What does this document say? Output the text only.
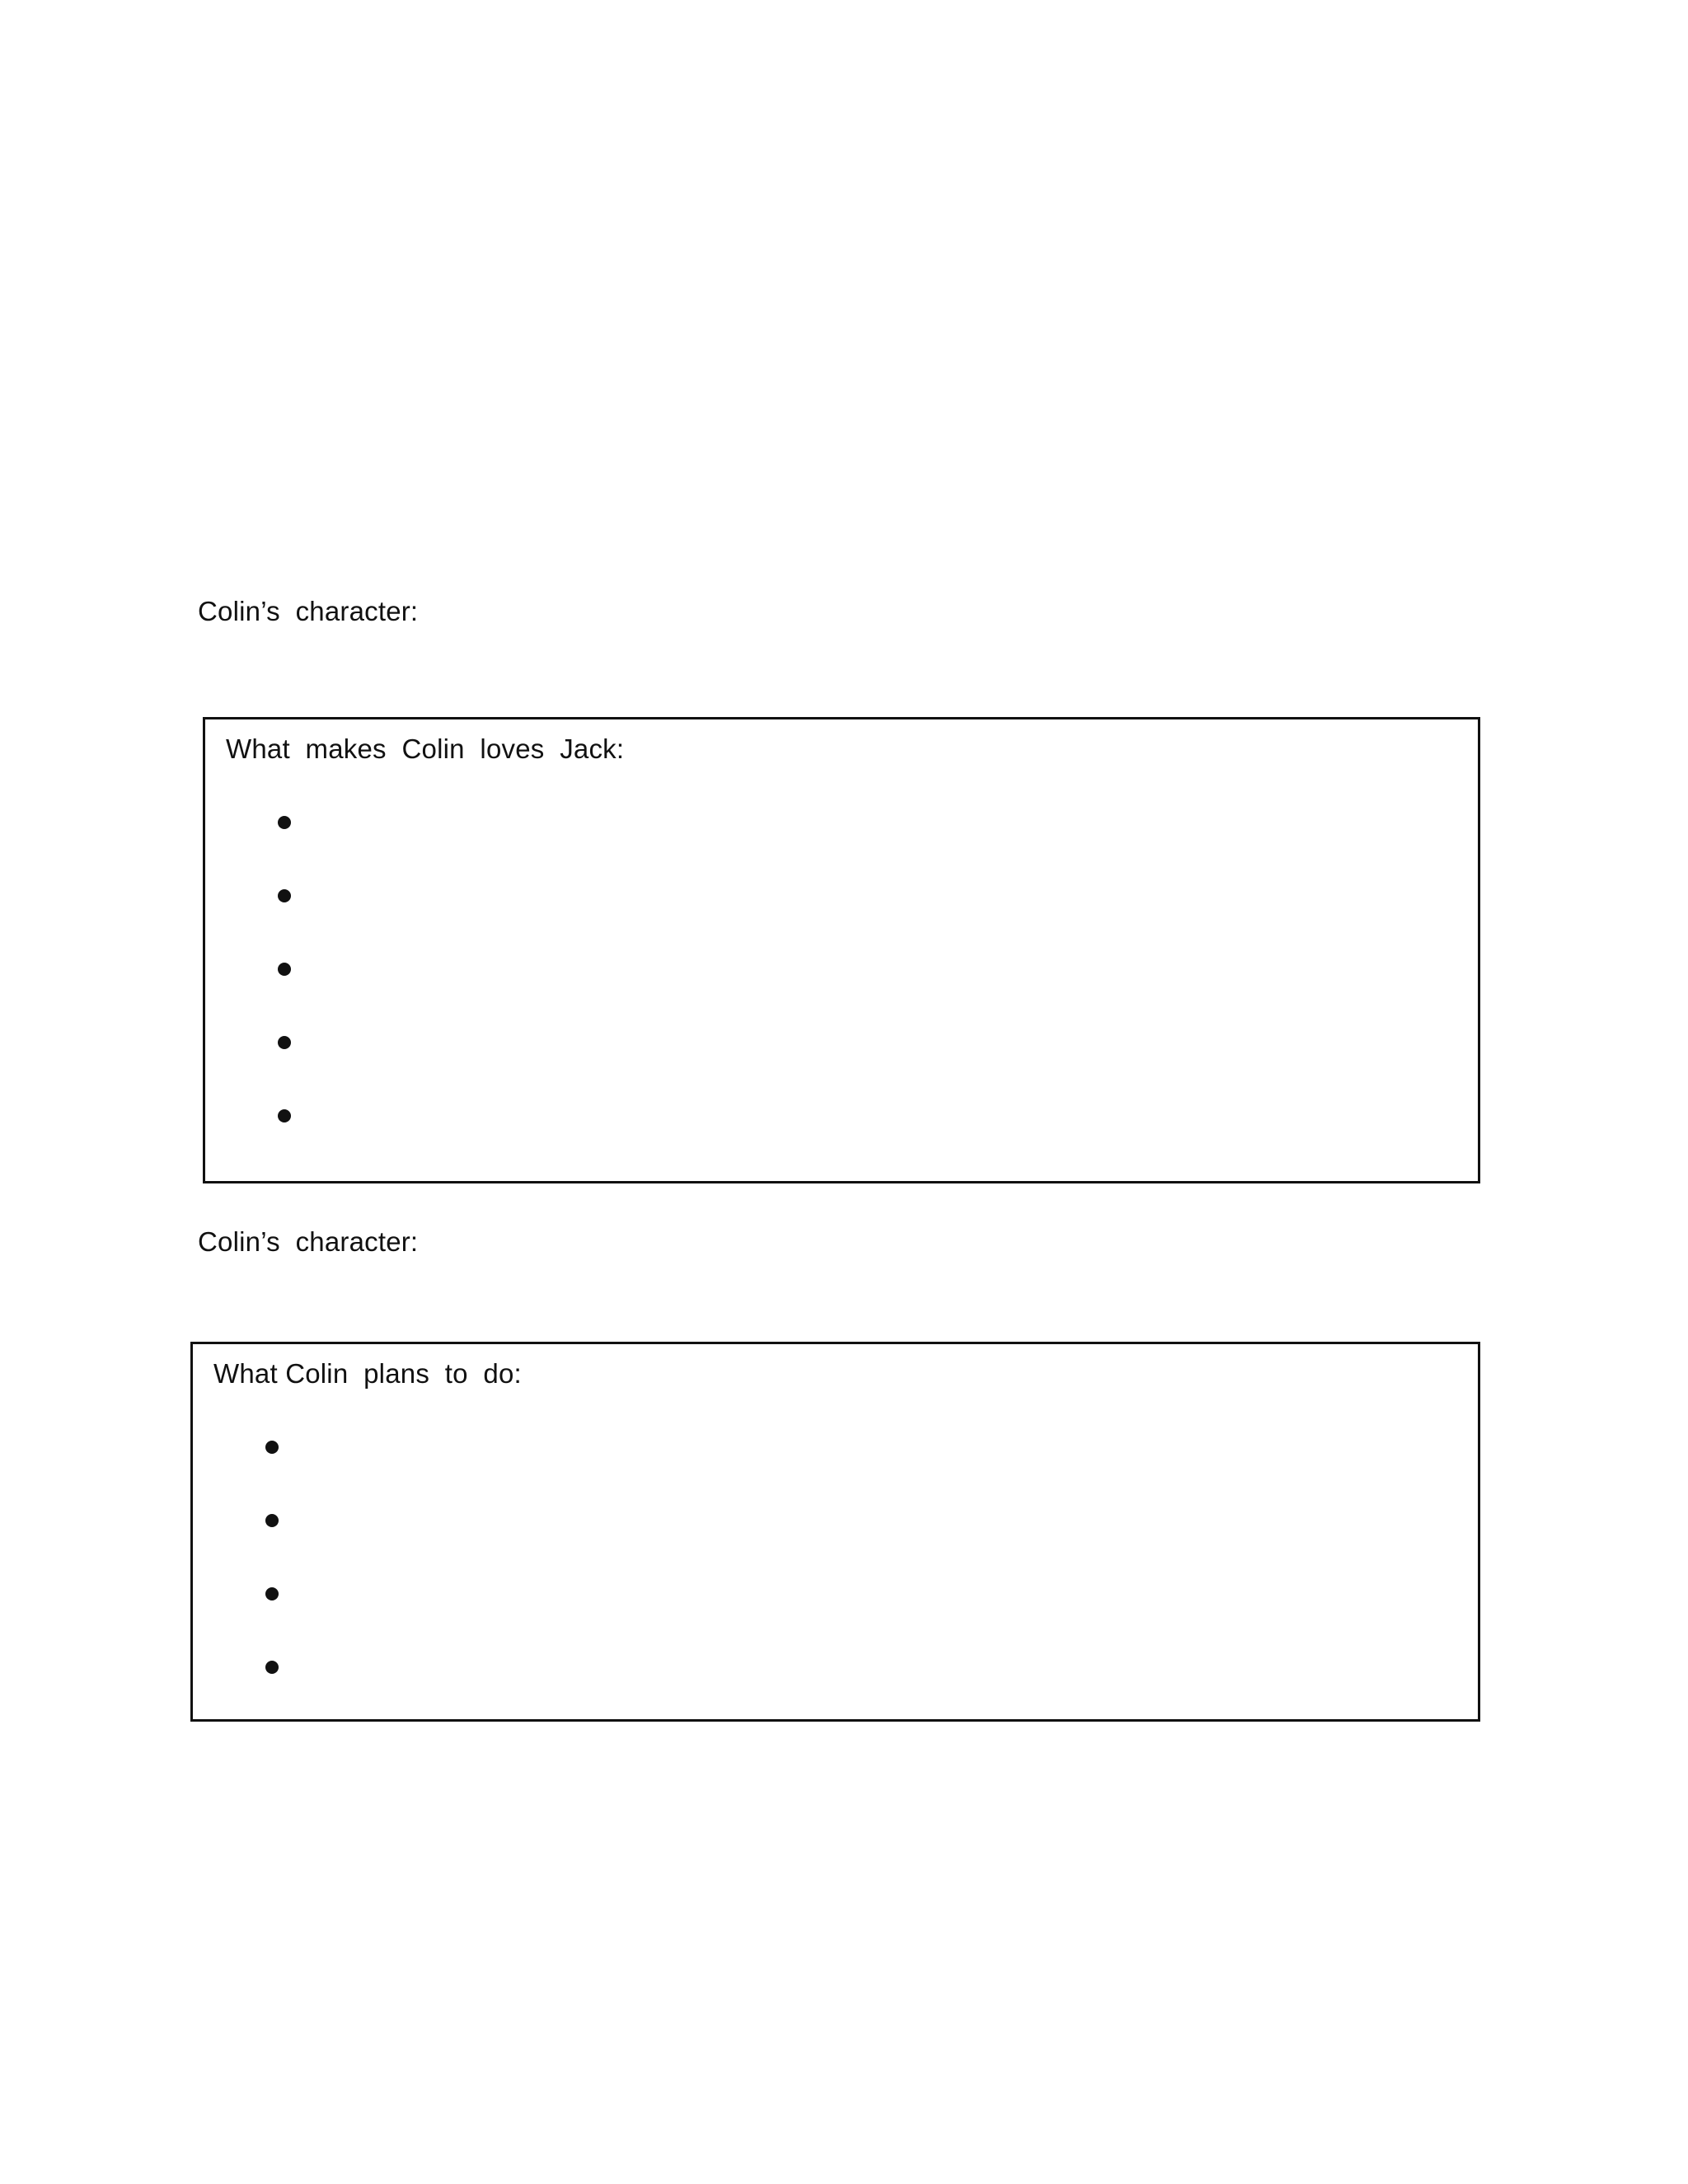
Colin’s  character:
What  makes  Colin  loves  Jack:
Colin’s  character:
What Colin  plans  to  do:
